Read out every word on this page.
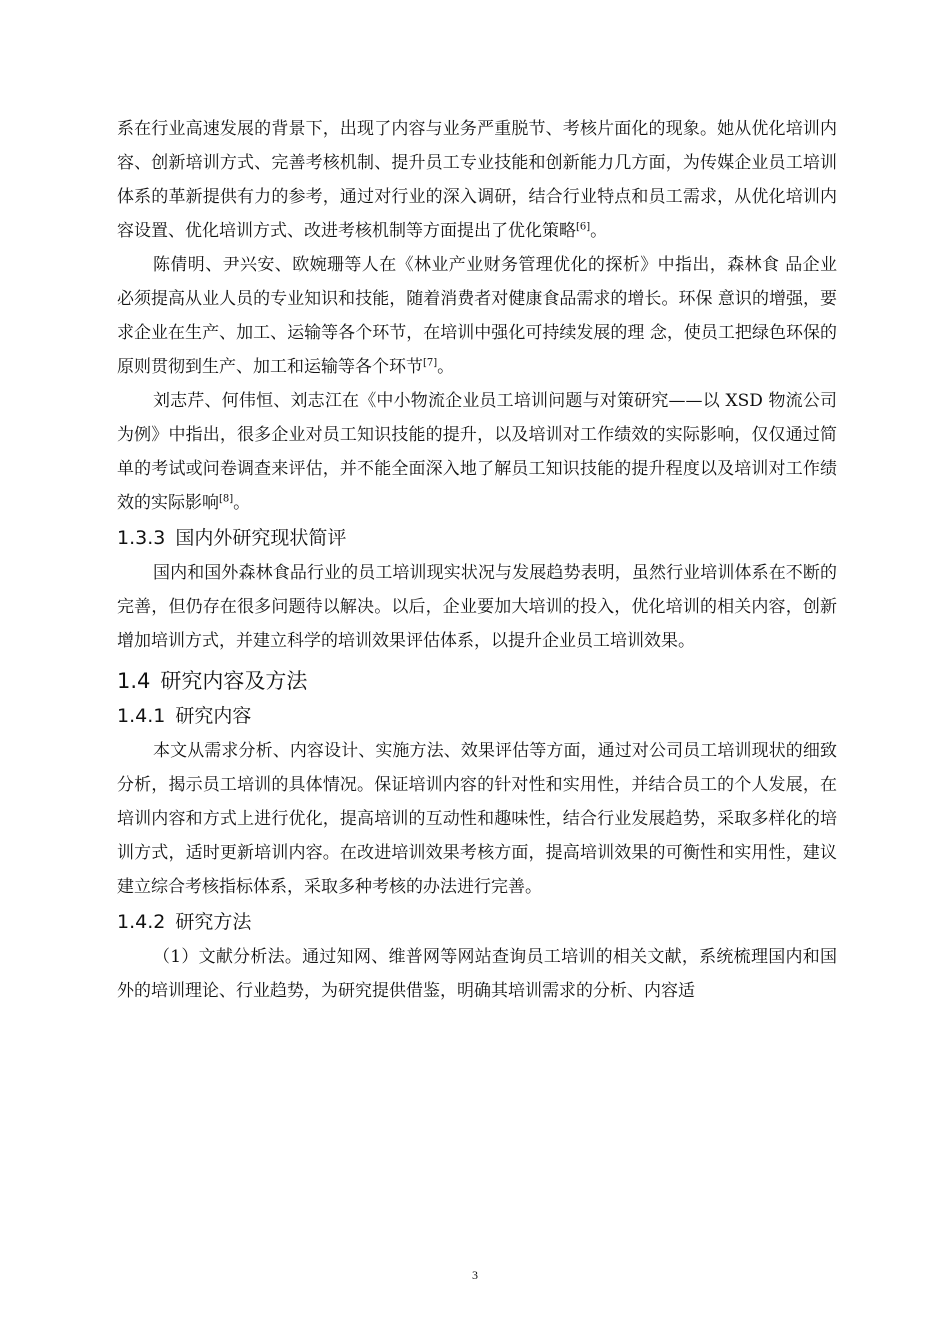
系在行业高速发展的背景下，出现了内容与业务严重脱节、考核片面化的现象。她从优化培训内容、创新培训方式、完善考核机制、提升员工专业技能和创新能力几方面，为传媒企业员工培训体系的革新提供有力的参考，通过对行业的深入调研，结合行业特点和员工需求，从优化培训内容设置、优化培训方式、改进考核机制等方面提出了优化策略[6]。

陈倩明、尹兴安、欧婉珊等人在《林业产业财务管理优化的探析》中指出，森林食 品企业必须提高从业人员的专业知识和技能，随着消费者对健康食品需求的增长。环保 意识的增强，要求企业在生产、加工、运输等各个环节，在培训中强化可持续发展的理 念，使员工把绿色环保的原则贯彻到生产、加工和运输等各个环节[7]。

刘志芹、何伟恒、刘志江在《中小物流企业员工培训问题与对策研究——以 XSD 物流公司为例》中指出，很多企业对员工知识技能的提升，以及培训对工作绩效的实际影响，仅仅通过简单的考试或问卷调查来评估，并不能全面深入地了解员工知识技能的提升程度以及培训对工作绩效的实际影响[8]。

1.3.3 国内外研究现状简评

国内和国外森林食品行业的员工培训现实状况与发展趋势表明，虽然行业培训体系在不断的完善，但仍存在很多问题待以解决。以后，企业要加大培训的投入，优化培训的相关内容，创新增加培训方式，并建立科学的培训效果评估体系，以提升企业员工培训效果。

1.4 研究内容及方法
1.4.1 研究内容

本文从需求分析、内容设计、实施方法、效果评估等方面，通过对公司员工培训现状的细致分析，揭示员工培训的具体情况。保证培训内容的针对性和实用性，并结合员工的个人发展，在培训内容和方式上进行优化，提高培训的互动性和趣味性，结合行业发展趋势，采取多样化的培训方式，适时更新培训内容。在改进培训效果考核方面，提高培训效果的可衡性和实用性，建议建立综合考核指标体系，采取多种考核的办法进行完善。

1.4.2 研究方法

（1）文献分析法。通过知网、维普网等网站查询员工培训的相关文献，系统梳理国内和国外的培训理论、行业趋势，为研究提供借鉴，明确其培训需求的分析、内容适

3
